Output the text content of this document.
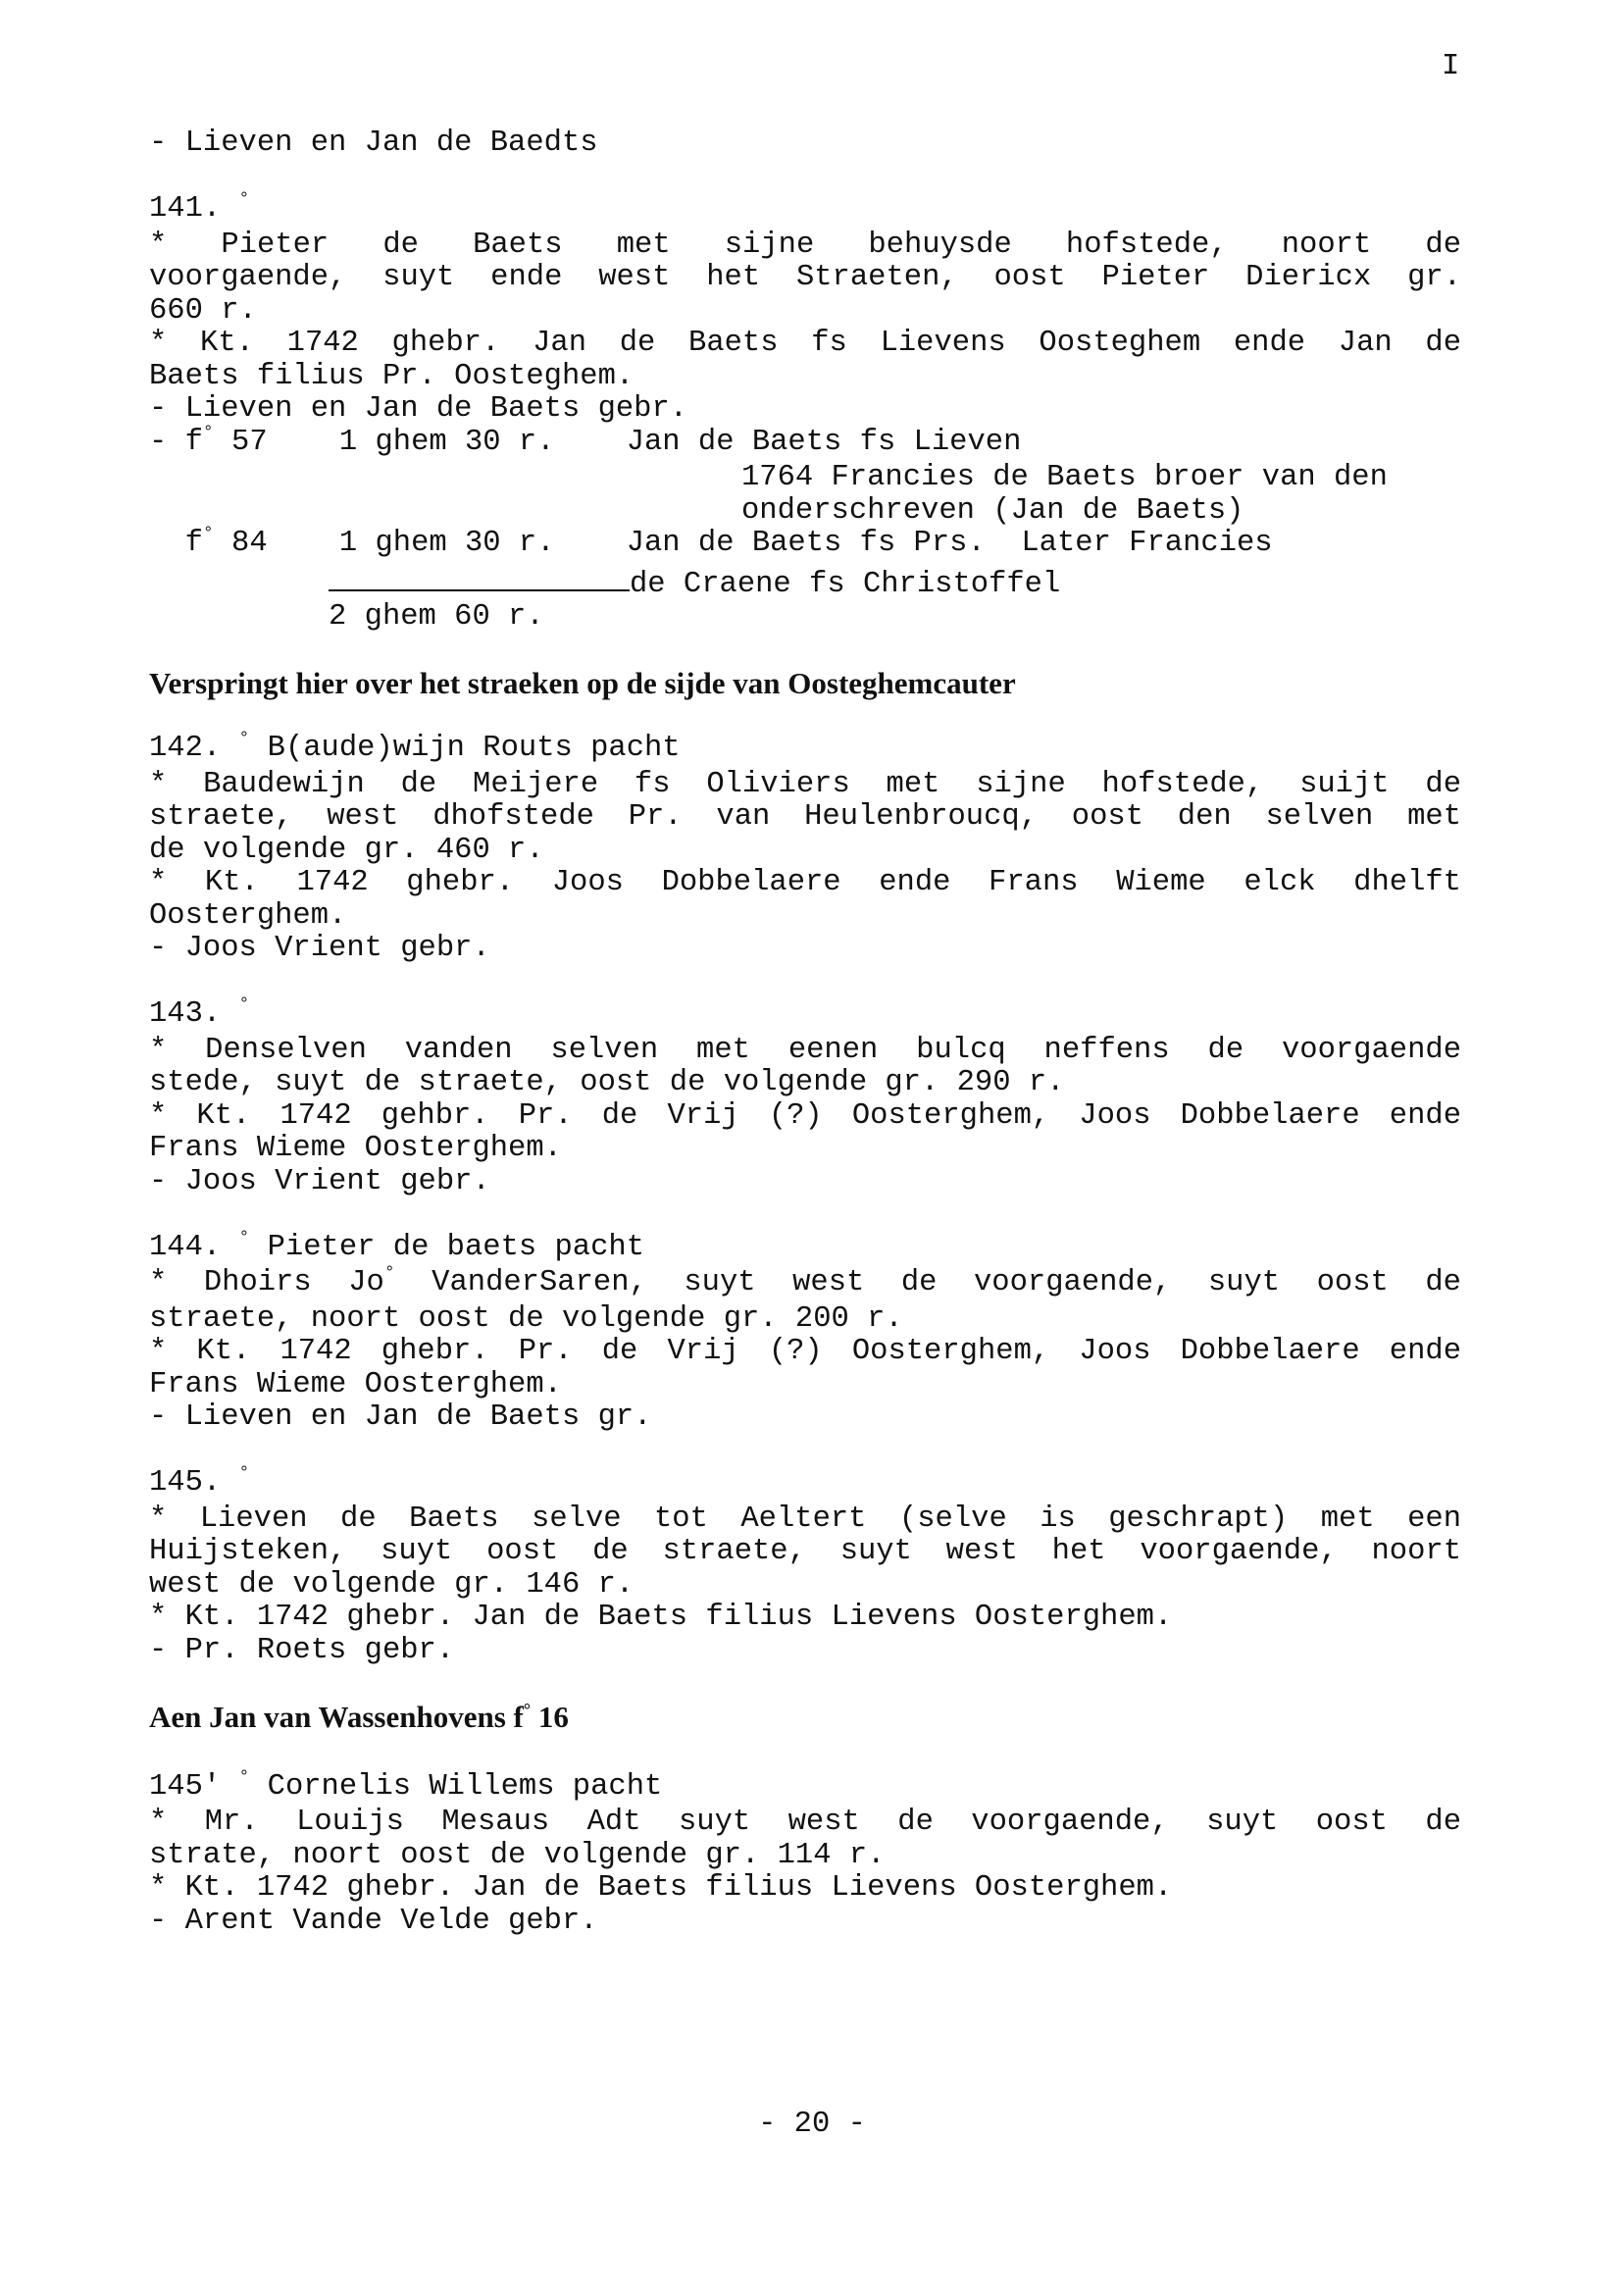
I
- Lieven en Jan de Baedts
141. °
* Pieter de Baets met sijne behuysde hofstede, noort de
voorgaende, suyt ende west het Straeten, oost Pieter Diericx gr.
660 r.
* Kt. 1742 ghebr. Jan de Baets fs Lievens Oosteghem ende Jan de
Baets filius Pr. Oosteghem.
- Lieven en Jan de Baets gebr.
- f° 57    1 ghem 30 r.    Jan de Baets fs Lieven
1764 Francies de Baets broer van den
onderschreven (Jan de Baets)
f° 84    1 ghem 30 r.    Jan de Baets fs Prs.  Later Francies
de Craene fs Christoffel
2 ghem 60 r.
Verspringt hier over het straeken op de sijde van Oosteghemcauter
142. ° B(aude)wijn Routs pacht
* Baudewijn de Meijere fs Oliviers met sijne hofstede, suijt de
straete, west dhofstede Pr. van Heulenbroucq, oost den selven met
de volgende gr. 460 r.
* Kt. 1742 ghebr. Joos Dobbelaere ende Frans Wieme elck dhelft
Oosterghem.
- Joos Vrient gebr.
143. °
* Denselven vanden selven met eenen bulcq neffens de voorgaende
stede, suyt de straete, oost de volgende gr. 290 r.
* Kt. 1742 gehbr. Pr. de Vrij (?) Oosterghem, Joos Dobbelaere ende
Frans Wieme Oosterghem.
- Joos Vrient gebr.
144. ° Pieter de baets pacht
* Dhoirs Jo° VanderSaren, suyt west de voorgaende, suyt oost de
straete, noort oost de volgende gr. 200 r.
* Kt. 1742 ghebr. Pr. de Vrij (?) Oosterghem, Joos Dobbelaere ende
Frans Wieme Oosterghem.
- Lieven en Jan de Baets gr.
145. °
* Lieven de Baets selve tot Aeltert (selve is geschrapt) met een
Huijsteken, suyt oost de straete, suyt west het voorgaende, noort
west de volgende gr. 146 r.
* Kt. 1742 ghebr. Jan de Baets filius Lievens Oosterghem.
- Pr. Roets gebr.
Aen Jan van Wassenhovens f° 16
145' ° Cornelis Willems pacht
* Mr. Louijs Mesaus Adt suyt west de voorgaende, suyt oost de
strate, noort oost de volgende gr. 114 r.
* Kt. 1742 ghebr. Jan de Baets filius Lievens Oosterghem.
- Arent Vande Velde gebr.
- 20 -
